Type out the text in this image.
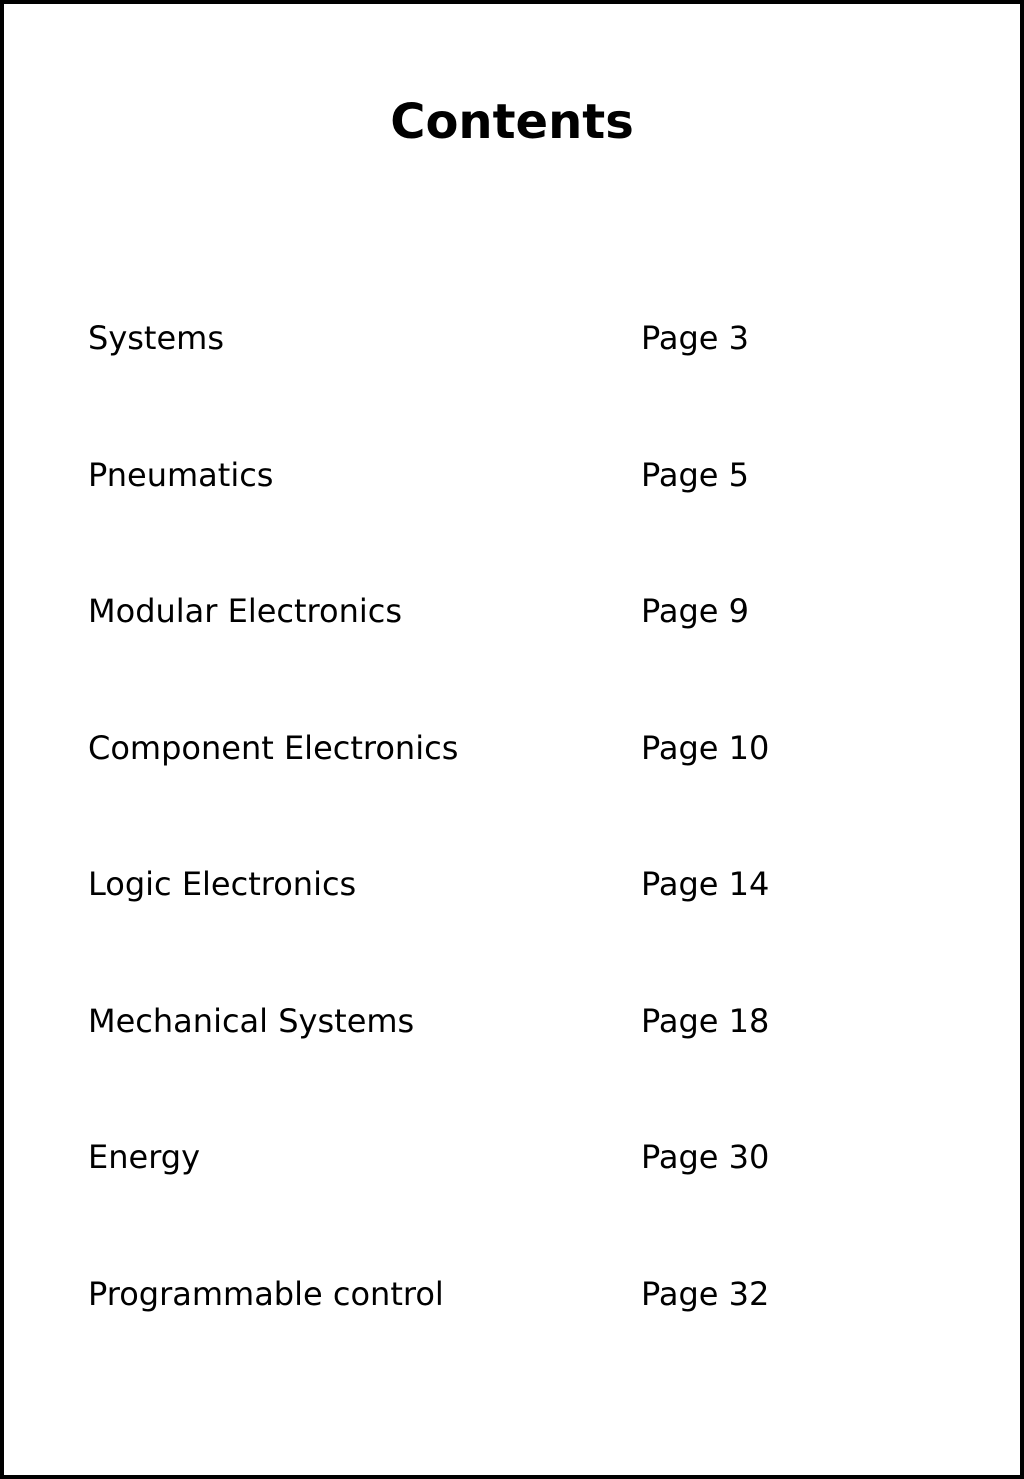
Contents
Systems	Page 3
Pneumatics	Page 5
Modular Electronics	Page 9
Component Electronics	Page 10
Logic Electronics	Page 14
Mechanical Systems	Page 18
Energy	Page 30
Programmable control	Page 32
